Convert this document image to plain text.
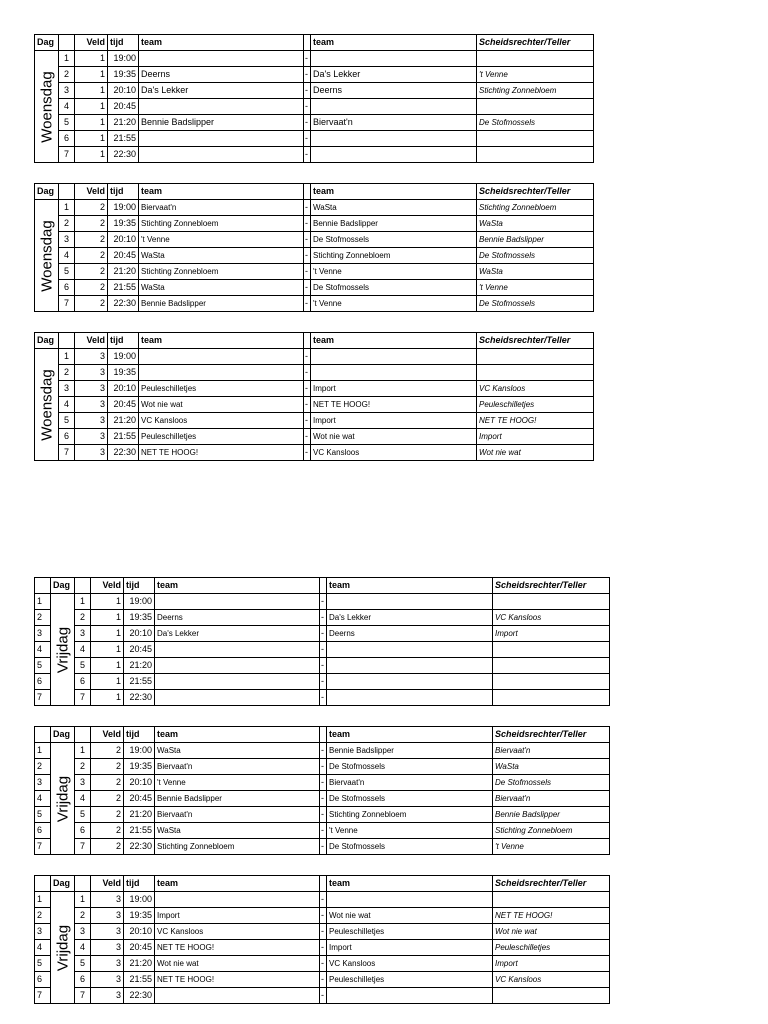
Dag		Veld	tijd	team		team	Scheidsrechter/Teller

Woensdag	1	1	19:00		-		
	2	1	19:35	Deerns	-	Da's Lekker	't Venne
	3	1	20:10	Da's Lekker	-	Deerns	Stichting Zonnebloem
	4	1	20:45		-		
	5	1	21:20	Bennie Badslipper	-	Biervaat'n	De Stofmossels
	6	1	21:55		-		
	7	1	22:30		-		
Dag		Veld	tijd	team		team	Scheidsrechter/Teller

Woensdag	1	2	19:00	Biervaat'n	-	WaSta	Stichting Zonnebloem
	2	2	19:35	Stichting Zonnebloem	-	Bennie Badslipper	WaSta
	3	2	20:10	't Venne	-	De Stofmossels	Bennie Badslipper
	4	2	20:45	WaSta	-	Stichting Zonnebloem	De Stofmossels
	5	2	21:20	Stichting Zonnebloem	-	't Venne	WaSta
	6	2	21:55	WaSta	-	De Stofmossels	't Venne
	7	2	22:30	Bennie Badslipper	-	't Venne	De Stofmossels
Dag		Veld	tijd	team		team	Scheidsrechter/Teller

Woensdag	1	3	19:00		-		
	2	3	19:35		-		
	3	3	20:10	Peuleschilletjes	-	Import	VC Kansloos
	4	3	20:45	Wot nie wat	-	NET TE HOOG!	Peuleschilletjes
	5	3	21:20	VC Kansloos	-	Import	NET TE HOOG!
	6	3	21:55	Peuleschilletjes	-	Wot nie wat	Import
	7	3	22:30	NET TE HOOG!	-	VC Kansloos	Wot nie wat
	Dag		Veld	tijd	team		team	Scheidsrechter/Teller
1	Vrijdag	1	1	19:00		-		
2		2	1	19:35	Deerns	-	Da's Lekker	VC Kansloos
3		3	1	20:10	Da's Lekker	-	Deerns	Import
4		4	1	20:45		-		
5		5	1	21:20		-		
6		6	1	21:55		-		
7		7	1	22:30		-		
	Dag		Veld	tijd	team		team	Scheidsrechter/Teller
1	Vrijdag	1	2	19:00	WaSta	-	Bennie Badslipper	Biervaat'n
2		2	2	19:35	Biervaat'n	-	De Stofmossels	WaSta
3		3	2	20:10	't Venne	-	Biervaat'n	De Stofmossels
4		4	2	20:45	Bennie Badslipper	-	De Stofmossels	Biervaat'n
5		5	2	21:20	Biervaat'n	-	Stichting Zonnebloem	Bennie Badslipper
6		6	2	21:55	WaSta	-	't Venne	Stichting Zonnebloem
7		7	2	22:30	Stichting Zonnebloem	-	De Stofmossels	't Venne
	Dag		Veld	tijd	team		team	Scheidsrechter/Teller
1	Vrijdag	1	3	19:00		-		
2		2	3	19:35	Import	-	Wot nie wat	NET TE HOOG!
3		3	3	20:10	VC Kansloos	-	Peuleschilletjes	Wot nie wat
4		4	3	20:45	NET TE HOOG!	-	Import	Peuleschilletjes
5		5	3	21:20	Wot nie wat	-	VC Kansloos	Import
6		6	3	21:55	NET TE HOOG!	-	Peuleschilletjes	VC Kansloos
7		7	3	22:30		-		
